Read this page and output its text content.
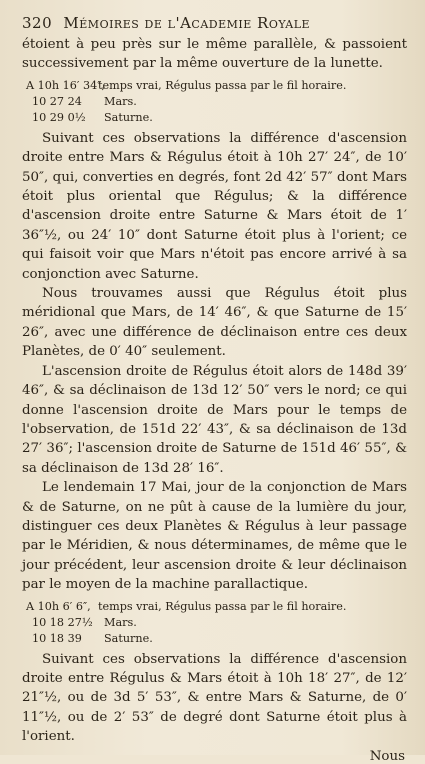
320 Mémoires de l'Academie Royale

étoient à peu près sur le même parallèle, & passoient successivement par la même ouverture de la lunette.

A 10h 16′ 34″,
temps vrai, Régulus passa par le fil horaire.
10 27 24	Mars.
10 29 0½	Saturne.

Suivant ces observations la différence d'ascension droite entre Mars & Régulus étoit à 10h 27′ 24″, de 10′ 50″, qui, converties en degrés, font 2d 42′ 57″ dont Mars étoit plus oriental que Régulus; & la différence d'ascension droite entre Saturne & Mars étoit de 1′ 36″½, ou 24′ 10″ dont Saturne étoit plus à l'orient; ce qui faisoit voir que Mars n'étoit pas encore arrivé à sa conjonction avec Saturne.

Nous trouvames aussi que Régulus étoit plus méridional que Mars, de 14′ 46″, & que Saturne de 15′ 26″, avec une différence de déclinaison entre ces deux Planètes, de 0′ 40″ seulement.

L'ascension droite de Régulus étoit alors de 148d 39′ 46″, & sa déclinaison de 13d 12′ 50″ vers le nord; ce qui donne l'ascension droite de Mars pour le temps de l'observation, de 151d 22′ 43″, & sa déclinaison de 13d 27′ 36″; l'ascension droite de Saturne de 151d 46′ 55″, & sa déclinaison de 13d 28′ 16″.

Le lendemain 17 Mai, jour de la conjonction de Mars & de Saturne, on ne pût à cause de la lumière du jour, distinguer ces deux Planètes & Régulus à leur passage par le Méridien, & nous déterminames, de même que le jour précédent, leur ascension droite & leur déclinaison par le moyen de la machine parallactique.

A 10h 6′ 6″, temps vrai, Régulus passa par le fil horaire.
10 18 27½	Mars.
10 18 39	Saturne.

Suivant ces observations la différence d'ascension droite entre Régulus & Mars étoit à 10h 18′ 27″, de 12′ 21″½, ou de 3d 5′ 53″, & entre Mars & Saturne, de 0′ 11″½, ou de 2′ 53″ de degré dont Saturne étoit plus à l'orient.

Nous
